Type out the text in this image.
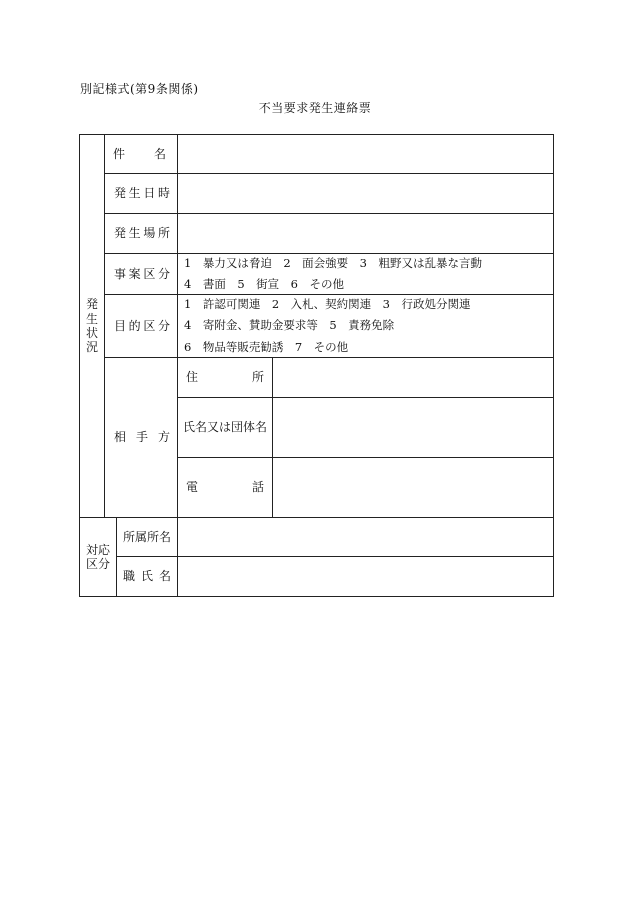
別記様式(第9条関係)
不当要求発生連絡票
発
生
状
況	件名			
	発生日時			
	発生場所			
	事案区分		1　暴力又は脅迫　2　面会強要　3　粗野又は乱暴な言動
4　書面　5　街宣　6　その他	

	目的区分		1　許認可関連　2　入札、契約関連　3　行政処分関連
4　寄附金、賛助金要求等　5　責務免除
6　物品等販売勧誘　7　その他	

	相手方		住所	
			氏名又は団体名	
			電話	

対応
区分		所属所名		
		職氏名		
